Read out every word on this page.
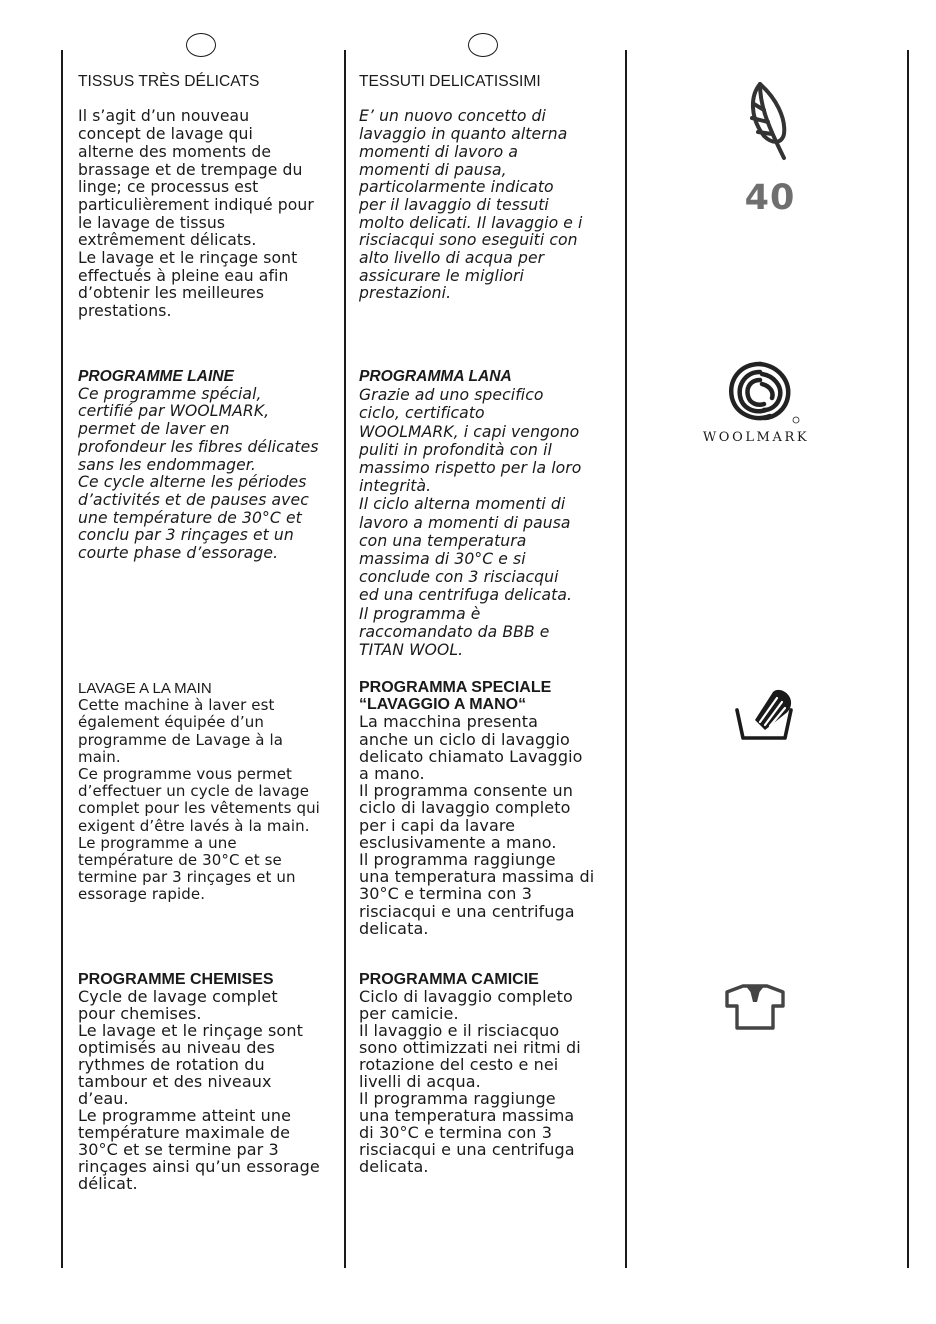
TISSUS TRÈS DÉLICATS

Il s’agit d’un nouveau

concept de lavage qui

alterne des moments de

brassage et de trempage du

linge; ce processus est

particulièrement indiqué pour

le lavage de tissus

extrêmement délicats.

Le lavage et le rinçage sont

effectués à pleine eau afin

d’obtenir les meilleures

prestations.

PROGRAMME LAINE

Ce programme spécial,

certifié par WOOLMARK,

permet de laver en

profondeur les fibres délicates

sans les endommager.

Ce cycle alterne les périodes

d’activités et de pauses avec

une température de 30°C et

conclu par 3 rinçages et un

courte phase d’essorage.

LAVAGE A LA MAIN

Cette machine à laver est

également équipée d’un

programme de Lavage à la

main.

Ce programme vous permet

d’effectuer un cycle de lavage

complet pour les vêtements qui

exigent d’être lavés à la main.

Le programme a une

température de 30°C et se

termine par 3 rinçages et un

essorage rapide.

PROGRAMME CHEMISES

Cycle de lavage complet

pour chemises.

Le lavage et le rinçage sont

optimisés au niveau des

rythmes de rotation du

tambour et des niveaux

d’eau.

Le programme atteint une

température maximale de

30°C et se termine par 3

rinçages ainsi qu’un essorage

délicat.

TESSUTI DELICATISSIMI

E’ un nuovo concetto di

lavaggio in quanto alterna

momenti di lavoro a

momenti di pausa,

particolarmente indicato

per il lavaggio di tessuti

molto delicati. Il lavaggio e i

risciacqui sono eseguiti con

alto livello di acqua per

assicurare le migliori

prestazioni.

PROGRAMMA LANA

Grazie ad uno specifico

ciclo, certificato

WOOLMARK, i capi vengono

puliti in profondità con il

massimo rispetto per la loro

integrità.

Il ciclo alterna momenti di

lavoro a momenti di pausa

con una temperatura

massima di 30°C e si

conclude con 3 risciacqui

ed una centrifuga delicata.

Il programma è

raccomandato da BBB e

TITAN WOOL.

PROGRAMMA SPECIALE
“LAVAGGIO A MANO“

La macchina presenta

anche un ciclo di lavaggio

delicato chiamato Lavaggio

a mano.

Il programma consente un

ciclo di lavaggio completo

per i capi da lavare

esclusivamente a mano.

Il programma raggiunge

una temperatura massima di

30°C e termina con 3

risciacqui e una centrifuga

delicata.

PROGRAMMA CAMICIE

Ciclo di lavaggio completo

per camicie.

Il lavaggio e il risciacquo

sono ottimizzati nei ritmi di

rotazione del cesto e nei

livelli di acqua.

Il programma raggiunge

una temperatura massima

di 30°C e termina con 3

risciacqui e una centrifuga

delicata.

40
WOOLMARK
